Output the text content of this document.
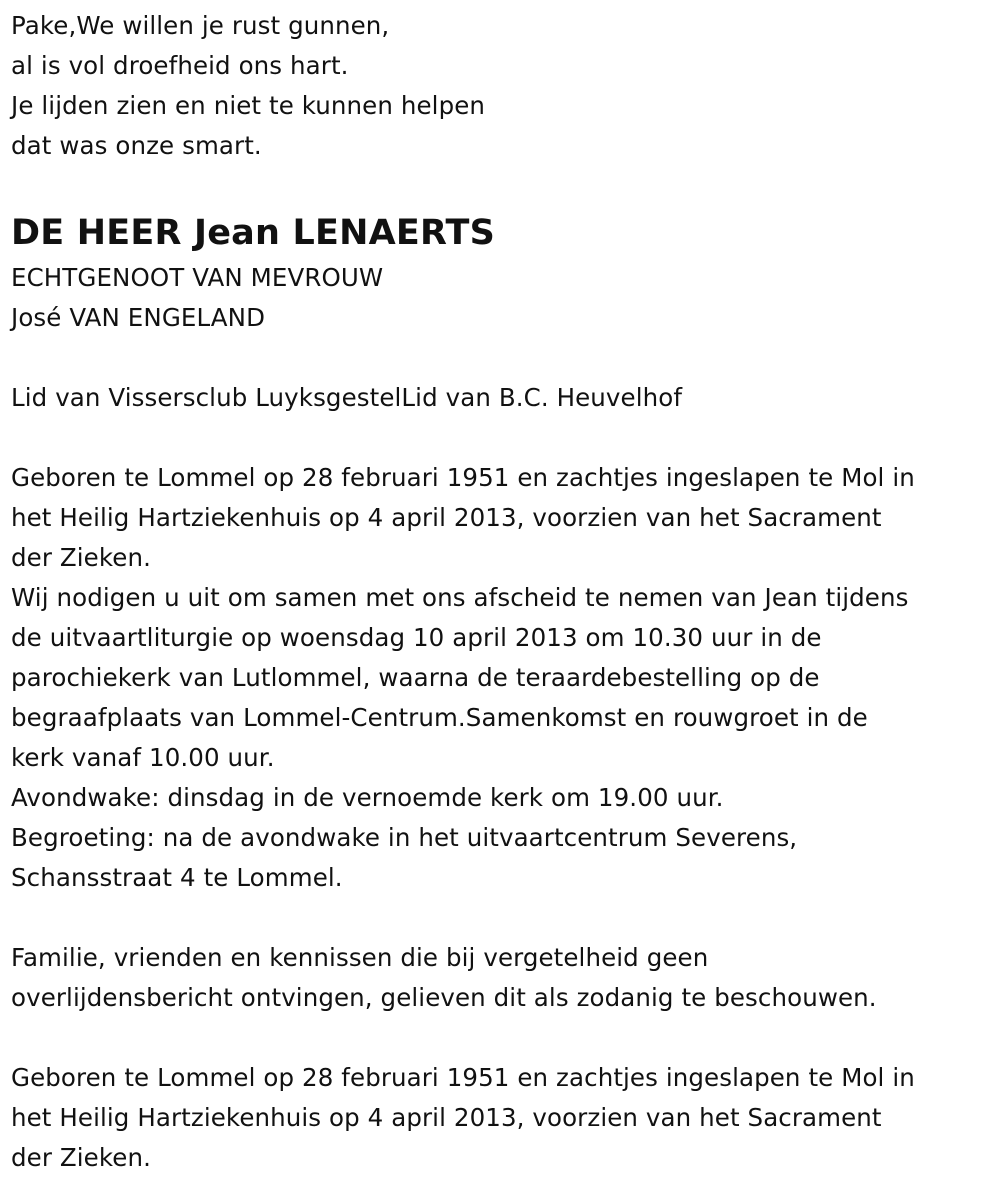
Pake,We willen je rust gunnen,
al is vol droefheid ons hart.
Je lijden zien en niet te kunnen helpen
dat was onze smart.
DE HEER Jean LENAERTS
ECHTGENOOT VAN MEVROUW
José VAN ENGELAND
Lid van Vissersclub LuyksgestelLid van B.C. Heuvelhof
Geboren te Lommel op 28 februari 1951 en zachtjes ingeslapen te Mol in
het Heilig Hartziekenhuis op 4 april 2013, voorzien van het Sacrament
der Zieken.
Wij nodigen u uit om samen met ons afscheid te nemen van Jean tijdens
de uitvaartliturgie op woensdag 10 april 2013 om 10.30 uur in de
parochiekerk van Lutlommel, waarna de teraardebestelling op de
begraafplaats van Lommel-Centrum.Samenkomst en rouwgroet in de
kerk vanaf 10.00 uur.
Avondwake: dinsdag in de vernoemde kerk om 19.00 uur.
Begroeting: na de avondwake in het uitvaartcentrum Severens,
Schansstraat 4 te Lommel.
Familie, vrienden en kennissen die bij vergetelheid geen
overlijdensbericht ontvingen, gelieven dit als zodanig te beschouwen.
Geboren te Lommel op 28 februari 1951 en zachtjes ingeslapen te Mol in
het Heilig Hartziekenhuis op 4 april 2013, voorzien van het Sacrament
der Zieken.
